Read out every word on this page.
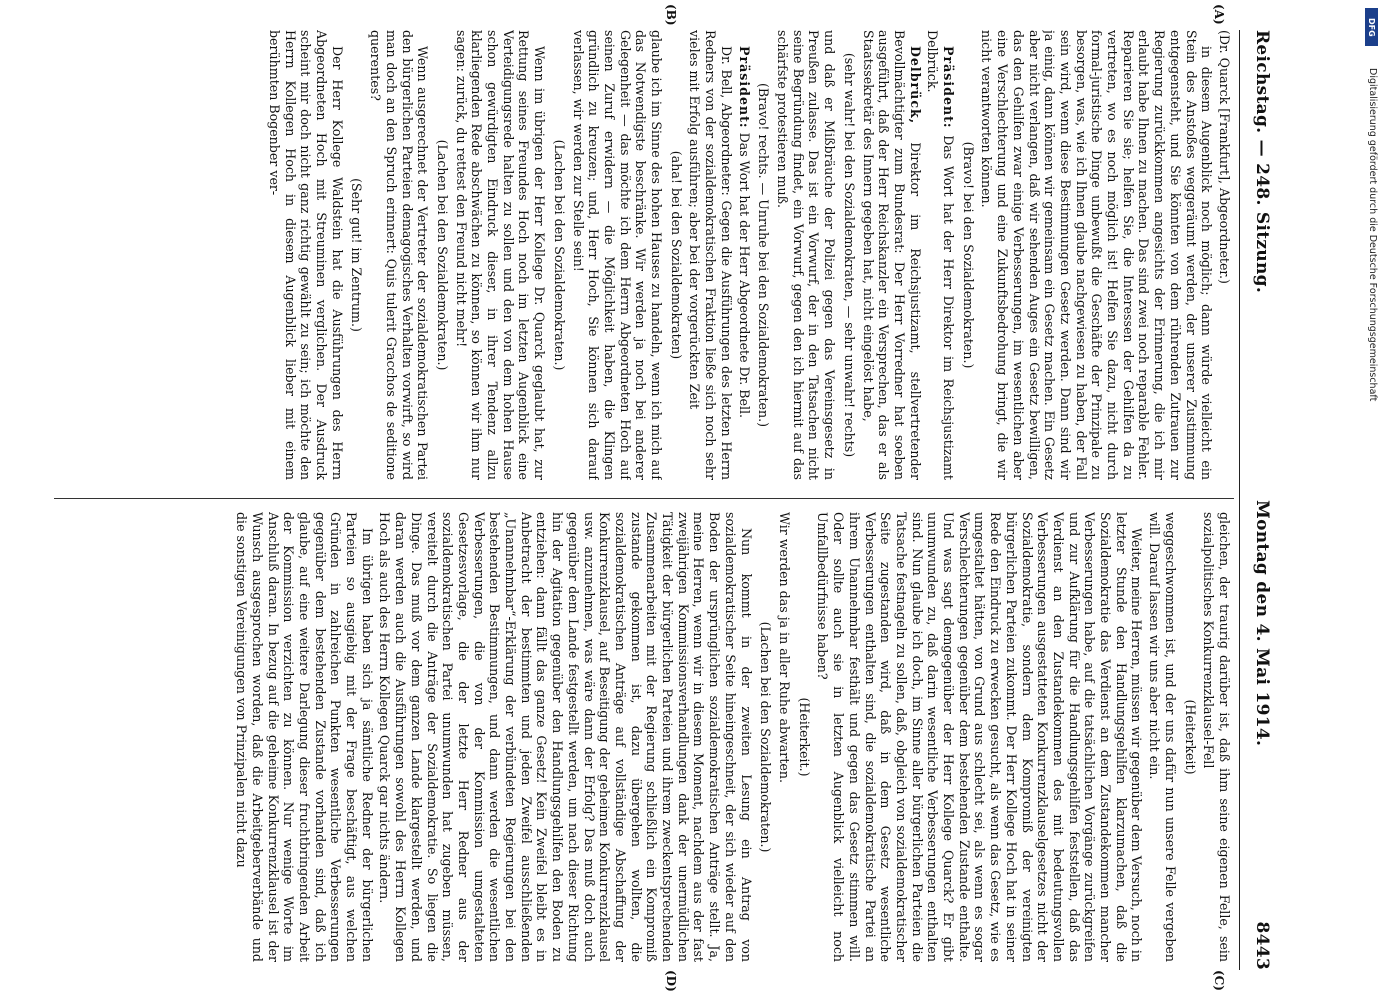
Reichstag. — 248. Sitzung.
Montag den 4. Mai 1914.
8443
(A)
(B)
(C)
(D)

(Dr. Quarck [Frankfurt], Abgeordneter.)

in diesem Augenblick noch möglich; dann würde vielleicht ein Stein des Anstoßes weggeräumt werden, der unserer Zustimmung entgegensteht, und Sie könnten von dem rührenden Zutrauen zur Regierung zurückkommen angesichts der Erinnerung, die ich mir erlaubt habe Ihnen zu machen. Das sind zwei noch reparable Fehler. Reparieren Sie sie; helfen Sie, die Interessen der Gehilfen da zu vertreten, wo es noch möglich ist! Helfen Sie dazu, nicht durch formal-juristische Dinge unbewußt die Geschäfte der Prinzipale zu besorgen, was, wie ich Ihnen glaube nachgewiesen zu haben, der Fall sein wird, wenn diese Bestimmungen Gesetz werden. Dann sind wir ja einig, dann können wir gemeinsam ein Gesetz machen. Ein Gesetz aber nicht verlangen, daß wir sehenden Auges ein Gesetz bewilligen, das den Gehilfen zwar einige Verbesserungen, im wesentlichen aber eine Verschlechterung und eine Zukunftsbedrohung bringt, die wir nicht verantworten können.

(Bravo! bei den Sozialdemokraten.)

Präsident: Das Wort hat der Herr Direktor im Reichsjustizamt Delbrück.

Delbrück, Direktor im Reichsjustizamt, stellvertretender Bevollmächtigter zum Bundesrat: Der Herr Vorredner hat soeben ausgeführt, daß der Herr Reichskanzler ein Versprechen, das er als Staatssekretär des Innern gegeben hat, nicht eingelöst habe,

(sehr wahr! bei den Sozialdemokraten, — sehr unwahr! rechts)

und daß er Mißbräuche der Polizei gegen das Vereinsgesetz in Preußen zulasse. Das ist ein Vorwurf, der in den Tatsachen nicht seine Begründung findet, ein Vorwurf, gegen den ich hiermit auf das schärfste protestieren muß.

(Bravo! rechts. — Unruhe bei den Sozialdemokraten.)

Präsident: Das Wort hat der Herr Abgeordnete Dr. Bell.

Dr. Bell, Abgeordneter: Gegen die Ausführungen des letzten Herrn Redners von der sozialdemokratischen Fraktion ließe sich noch sehr vieles mit Erfolg ausführen; aber bei der vorgerückten Zeit

(aha! bei den Sozialdemokraten)

glaube ich im Sinne des hohen Hauses zu handeln, wenn ich mich auf das Notwendigste beschränke. Wir werden ja noch bei anderer Gelegenheit — das möchte ich dem Herrn Abgeordneten Hoch auf seinen Zuruf erwidern — die Möglichkeit haben, die Klingen gründlich zu kreuzen; und, Herr Hoch, Sie können sich darauf verlassen, wir werden zur Stelle sein!

(Lachen bei den Sozialdemokraten.)

Wenn im übrigen der Herr Kollege Dr. Quarck geglaubt hat, zur Rettung seines Freundes Hoch noch im letzten Augenblick eine Verteidigungsrede halten zu sollen und den von dem hohen Hause schon gewürdigten Eindruck dieser, in ihrer Tendenz allzu klarliegenden Rede abschwächen zu können, so können wir ihm nur sagen: zurück, du rettest den Freund nicht mehr!

(Lachen bei den Sozialdemokraten.)

Wenn ausgerechnet der Vertreter der sozialdemokratischen Partei den bürgerlichen Parteien demagogisches Verhalten vorwirft, so wird man doch an den Spruch erinnert: Quis tulerit Gracchos de seditione querentes?

(Sehr gut! im Zentrum.)

Der Herr Kollege Waldstein hat die Ausführungen des Herrn Abgeordneten Hoch mit Streuminen verglichen. Der Ausdruck scheint mir doch nicht ganz richtig gewählt zu sein; ich möchte den Herrn Kollegen Hoch in diesem Augenblick lieber mit einem berühmten Bogenber ver-

gleichen, der traurig darüber ist, daß ihm seine eigenen Felle, sein sozialpolitisches Konkurrenzklausel-Fell

(Heiterkeit)

weggeschwommen ist, und der uns dafür nun unsere Felle vergeben will. Darauf lassen wir uns aber nicht ein.

Weiter, meine Herren, müssen wir gegenüber dem Versuch, noch in letzter Stunde den Handlungsgehilfen klarzumachen, daß die Sozialdemokratie das Verdienst an dem Zustandekommen mancher Verbesserungen habe, auf die tatsächlichen Vorgänge zurückgreifen und zur Aufklärung für die Handlungsgehilfen feststellen, daß das Verdienst an den Zustandekommen des mit bedeutungsvollen Verbesserungen ausgestatteten Konkurrenzklauselgesetzes nicht der Sozialdemokratie, sondern dem Kompromiß der vereinigten bürgerlichen Parteien zukommt. Der Herr Kollege Hoch hat in seiner Rede den Eindruck zu erwecken gesucht, als wenn das Gesetz, wie es umgestaltet hätten, von Grund aus schlecht sei, als wenn es sogar Verschlechterungen gegenüber dem bestehenden Zustande enthalte. Und was sagt demgegenüber der Herr Kollege Quarck? Er gibt unumwunden zu, daß darin wesentliche Verbesserungen enthalten sind. Nun glaube ich doch, im Sinne aller bürgerlichen Parteien die Tatsache festnageln zu sollen, daß, obgleich von sozialdemokratischer Seite zugestanden wird, daß in dem Gesetz wesentliche Verbesserungen enthalten sind, die sozialdemokratische Partei an ihrem Unannehmbar festhält und gegen das Gesetz stimmen will. Oder sollte auch sie in letzten Augenblick vielleicht noch Umfallbedürfnisse haben?

(Heiterkeit.)

Wir werden das ja in aller Ruhe abwarten.

(Lachen bei den Sozialdemokraten.)

Nun kommt in der zweiten Lesung ein Antrag von sozialdemokratischer Seite hineingeschneit, der sich wieder auf den Boden der ursprünglichen sozialdemokratischen Anträge stellt. Ja, meine Herren, wenn wir in diesem Moment, nachdem aus der fast zweijährigen Kommissionsverhandlungen dank der unermüdlichen Tätigkeit der bürgerlichen Parteien und ihrem zweckentsprechenden Zusammenarbeiten mit der Regierung schließlich ein Kompromiß zustande gekommen ist, dazu übergehen wollten, die sozialdemokratischen Anträge auf vollständige Abschaffung der Konkurrenzklausel, auf Beseitigung der geheimen Konkurrenzklausel usw. anzunehmen, was wäre dann der Erfolg? Das muß doch auch gegenüber dem Lande festgestellt werden, um nach dieser Richtung hin der Agitation gegenüber den Handlungsgehilfen den Boden zu entziehen: dann fällt das ganze Gesetz! Kein Zweifel bleibt es in Anbetracht der bestimmten und jeden Zweifel ausschließenden „Unannehmbar“-Erklärung der verbündeten Regierungen bei den bestehenden Bestimmungen, und dann werden die wesentlichen Verbesserungen, die von der Kommission umgestalteten Gesetzesvorlage, die der letzte Herr Redner aus der sozialdemokratischen Partei unumwunden hat zugeben müssen, vereitelt durch die Anträge der Sozialdemokratie. So liegen die Dinge. Das muß vor dem ganzen Lande klargestellt werden, und daran werden auch die Ausführungen sowohl des Herrn Kollegen Hoch als auch des Herrn Kollegen Quarck gar nichts ändern.

Im übrigen haben sich ja sämtliche Redner der bürgerlichen Parteien so ausgiebig mit der Frage beschäftigt, aus welchen Gründen in zahlreichen Punkten wesentliche Verbesserungen gegenüber dem bestehenden Zustande vorhanden sind, daß ich glaube, auf eine weitere Darlegung dieser fruchtbringenden Arbeit der Kommission verzichten zu können. Nur wenige Worte im Anschluß daran. In bezug auf die geheime Konkurrenzklausel ist der Wunsch ausgesprochen worden, daß die Arbeitgeberverbände und die sonstigen Vereinigungen von Prinzipalen nicht dazu

DFG
Digitalisierung gefördert durch die Deutsche Forschungsgemeinschaft
